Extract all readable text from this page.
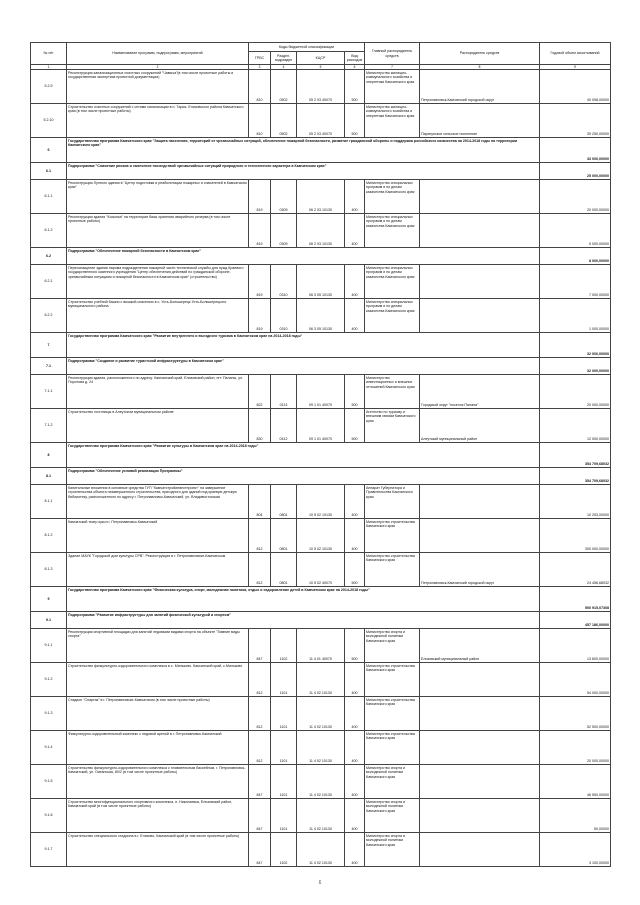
№ п/п	Наименование программ, подпрограмм, мероприятий	Коды бюджетной классификации				Главный распорядитель средств	Распорядитель средств	Годовой объем ассигнований
		ГРБС	Раздел, подраздел	КЦСР	Вид расходов			
1	2	3	4	5	6	7	8	9
5.2.9	Реконструкция канализационных очистных сооружений "Чавыча"(в том числе проектные работы и государственная экспертиза проектной документации)	810	0502	05 2 03 40070	500	Министерство жилищно-коммунального хозяйства и энергетики Камчатского края	Петропавловск-Камчатский городской округ	40 098,00000
5.2.10	Строительство очистных сооружений с сетями канализации в п. Тарья, Елизовского района Камчатского края (в том числе проектные работы)	810	0502	05 2 03 40070	500	Министерство жилищно-коммунального хозяйства и энергетики Камчатского края	Паратунское сельское поселение	39 250,00000
6	Государственная программа Камчатского края "Защита населения, территорий от чрезвычайных ситуаций, обеспечение пожарной безопасности, развитие гражданской обороны и поддержка российского казачества на 2014-2018 годы на территории Камчатского края"							33 000,00000
6.1	Подпрограмма "Снижение рисков и смягчение последствий чрезвычайных ситуаций природного и техногенного характера в Камчатском крае"							25 000,00000
6.1.1	Реконструкция Лунного здания в "Центр подготовки и реабилитации пожарных и спасателей в Камчатском крае"	819	0309	06 2 03 10130	400	Министерство специальных программ и по делам казачества Камчатского края		20 000,00000
6.1.2	Реконструкция здания "Косынка" на территории базы хранения аварийного резерва (в том числе проектные работы)	819	0309	06 2 03 10130	400	Министерство специальных программ и по делам казачества Камчатского края		5 000,00000
6.2	Подпрограмма "Обеспечение пожарной безопасности в Камчатском крае"							8 000,00000
6.2.1	Переоснащение здания парома подразделения пожарной части технической службы для нужд Краевого государственного казенного учреждения "Центр обеспечения действий по гражданской обороне, чрезвычайным ситуациям и пожарной безопасности в Камчатском крае" (строительство)	819	0310	06 3 05 10130	400	Министерство специальных программ и по делам казачества Камчатского края		7 000,00000
6.2.2	Строительство учебной башни с вышкой-спасенью в с. Усть-Большерецк Усть-Большерецкого муниципального района	819	0310	06 3 05 10130	400	Министерство специальных программ и по делам казачества Камчатского края		1 000,00000
7	Государственная программа Камчатского края "Развитие внутреннего и въездного туризма в Камчатском крае на 2014-2018 годы"							32 000,00000
7.1	Подпрограмма "Создание и развитие туристской инфраструктуры в Камчатском крае"							32 000,00000
7.1.1	Реконструкция здания, расположенного по адресу: Камчатский край, Елизовский район, пгт. Паланы, ул. Поротова д. 24	822	0113	09 1 01 40070	500	Министерство инвестиционных и внешних отношений Камчатского края	Городской округ "поселок Палана"	20 000,00000
7.1.2	Строительство гостиницы в Алеутском муниципальном районе	830	0412	09 1 01 40070	500	Агентство по туризму и внешним связям Камчатского края	Алеутский муниципальный район	12 000,00000
8	Государственная программа Камчатского края "Развитие культуры в Камчатском крае на 2014-2018 годы"							354 709,68032
8.1	Подпрограмма "Обеспечение условий реализации Программы"							354 709,68032
8.1.1	Капитальные вложения в основные средства ГУП "Камчатстройинвестпроект" на завершение строительства объекта незавершенного строительства, пригодного для зданий под краевую детскую библиотеку, расположенного по адресу г. Петропавловск-Камчатский, ул. Владивостокская	804	0801	10 5 02 10130	400	Аппарат Губернатора и Правительства Камчатского края		10 253,00000
8.1.2	Камчатский театр кукол г. Петропавловск-Камчатский	812	0801	10 5 02 10130	400	Министерство строительства Камчатского края		300 000,00000
8.1.3	Здание МАУК "Городской дом культуры СРВ". Реконструкция в г. Петропавловске-Камчатском	812	0801	10 5 02 40070	500	Министерство строительства Камчатского края	Петропавловск-Камчатский городской округ	24 456,68032
9	Государственная программа Камчатского края "Физическая культура, спорт, молодежная политика, отдых и оздоровление детей в Камчатском крае на 2014-2018 годы"							500 915,07308
9.1	Подпрограмма "Развитие инфраструктуры для занятий физической культурой и спортом"							457 186,00000
9.1.1	Реконструкция спортивной площадки для занятий ледовыми видами спорта на объекте "Зимние виды спорта"	847	1102	11 4 01 40070	500	Министерство спорта и молодежной политики Камчатского края	Елизовский муниципальный район	13 600,00000
9.1.2	Строительство физкультурно-оздоровительного комплекса в с. Мильково. Камчатский край, с.Мильково	812	1101	11 4 02 10130	400	Министерство строительства Камчатского края		54 000,00000
9.1.3	Стадион "Спартак" в г. Петропавловске-Камчатском (в том числе проектные работы)	812	1101	11 4 02 10130	400	Министерство строительства Камчатского края		52 500,00000
9.1.4	Физкультурно-оздоровительный комплекс с ледовой ареной в г. Петропавловск-Камчатский	812	1101	11 4 02 10130	400	Министерство строительства Камчатского края		20 000,00000
9.1.5	Строительство физкультурно-оздоровительного комплекса с плавательным бассейном, г. Петропавловск-Камчатский, ул. Океанская, 80/2 (в том числе проектные работы)	847	1101	11 4 02 10130	400	Министерство спорта и молодежной политики Камчатского края		46 550,00000
9.1.6	Строительство многофункционального спортивного комплекса, п. Николаевка, Елизовский район, Камчатский край (в том числе проектные работы)	847	1101	11 4 02 10130	400	Министерство спорта и молодежной политики Камчатского края		50,00000
9.1.7	Строительство специального стадиона в г. Елизово, Камчатский край (в том числе проектные работы)	847	1102	11 4 02 10130	400	Министерство спорта и молодежной политики Камчатского края		3 100,00000
6
